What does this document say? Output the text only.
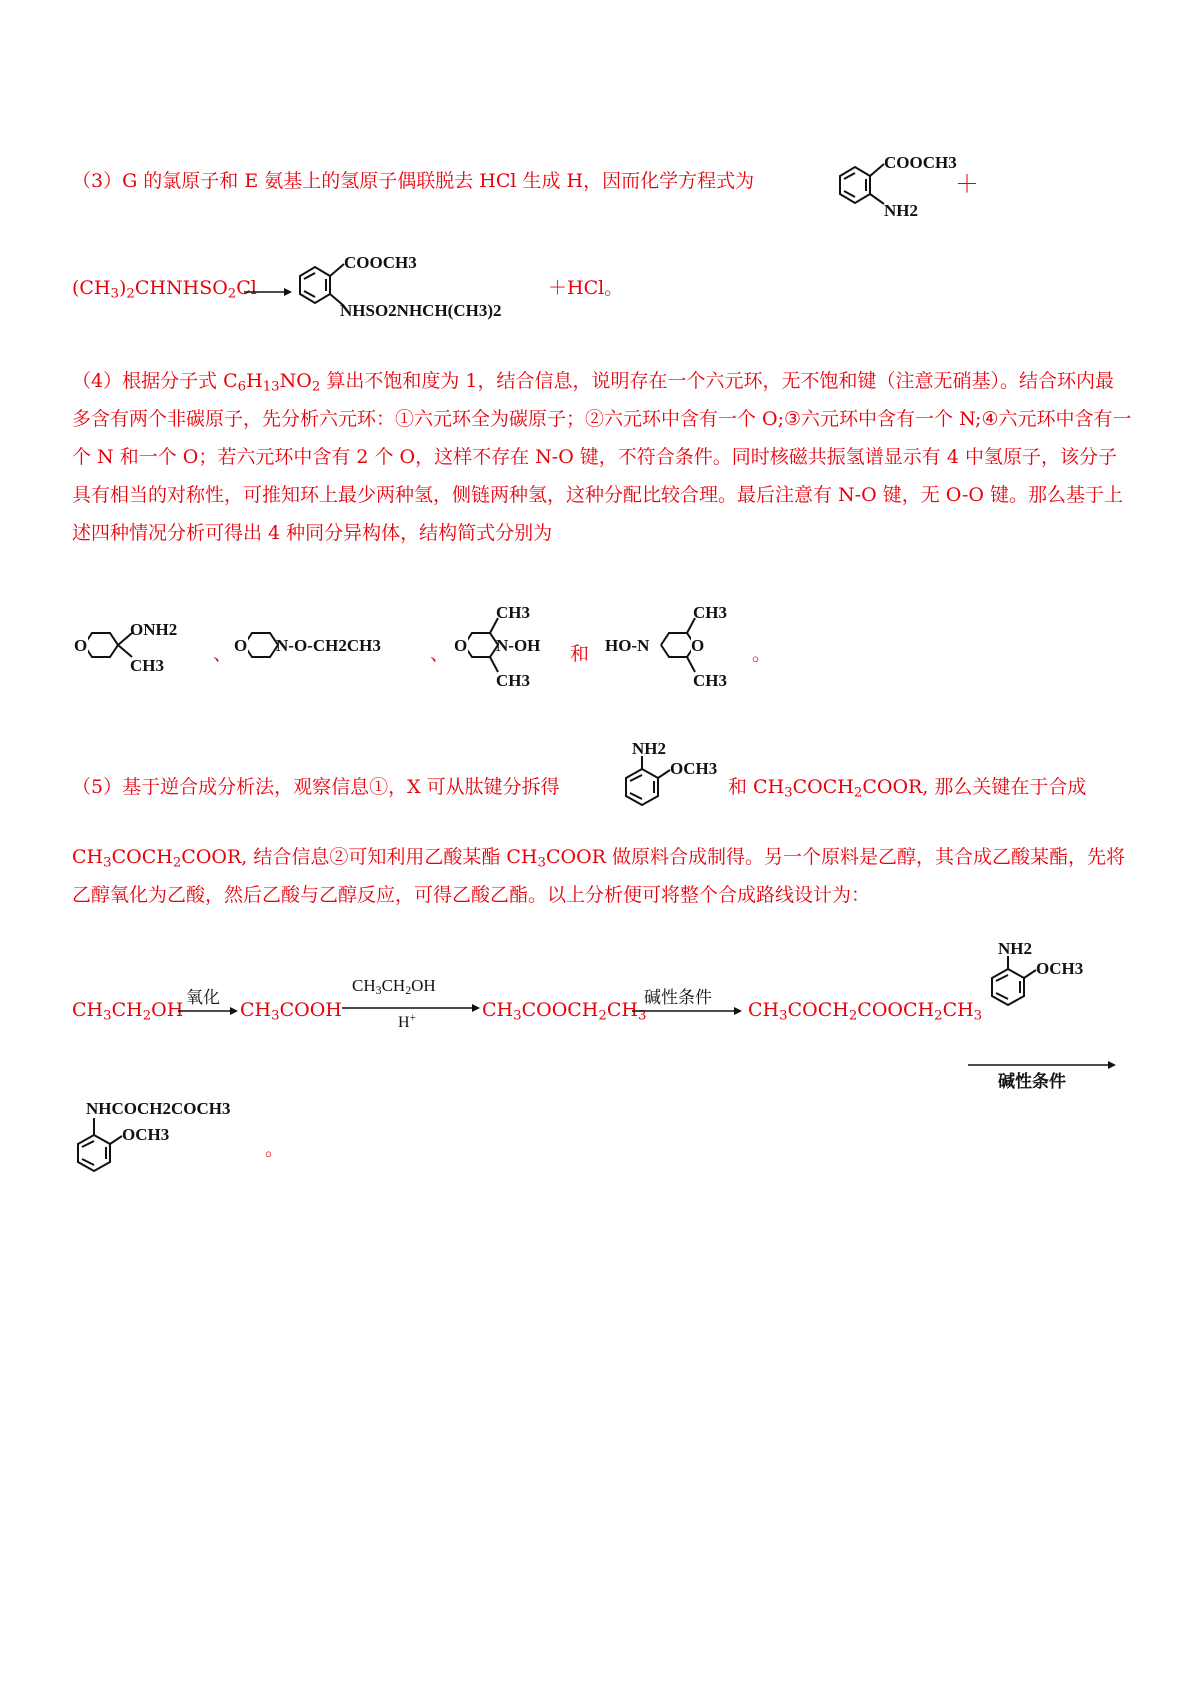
（3）G 的氯原子和 E 氨基上的氢原子偶联脱去 HCl 生成 H，因而化学方程式为
COOCH3
NH2
＋
$(CH_3)_2CHNHSO_2Cl$
COOCH3
NHSO2NHCH(CH3)2
＋HCl。
（4）根据分子式 $C_6H_{13}NO_2$ 算出不饱和度为 1，结合信息，说明存在一个六元环，无不饱和键（注意无硝基）。结合环内最多含有两个非碳原子，先分析六元环：①六元环全为碳原子；②六元环中含有一个 O;③六元环中含有一个 N;④六元环中含有一个 N 和一个 O；若六元环中含有 2 个 O，这样不存在 N-O 键，不符合条件。同时核磁共振氢谱显示有 4 中氢原子，该分子具有相当的对称性，可推知环上最少两种氢，侧链两种氢，这种分配比较合理。最后注意有 N-O 键，无 O-O 键。那么基于上述四种情况分析可得出 4 种同分异构体，结构简式分别为
O
ONH2
CH3
、 O N-O-CH2CH3	、 O N-OH
CH3
CH3
和 HO-N O
CH3
CH3
。
（5）基于逆合成分析法，观察信息①，X 可从肽键分拆得
NH2
OCH3
和 $CH_3COCH_2COOR$, 那么关键在于合成
$CH_3COCH_2COOR$, 结合信息②可知利用乙酸某酯 $CH_3COOR$ 做原料合成制得。另一个原料是乙醇，其合成乙酸某酯，先将乙醇氧化为乙酸，然后乙酸与乙醇反应，可得乙酸乙酯。以上分析便可将整个合成路线设计为：
$CH_3CH_2OH$
氧化
$CH_3COOH$
$CH_3CH_2OH$
H+	$CH_3COOCH_2CH_3$
碱性条件
$CH_3COCH_2COOCH_2CH_3$
NH2
OCH3
碱性条件
NHCOCH2COCH3
OCH3
。
